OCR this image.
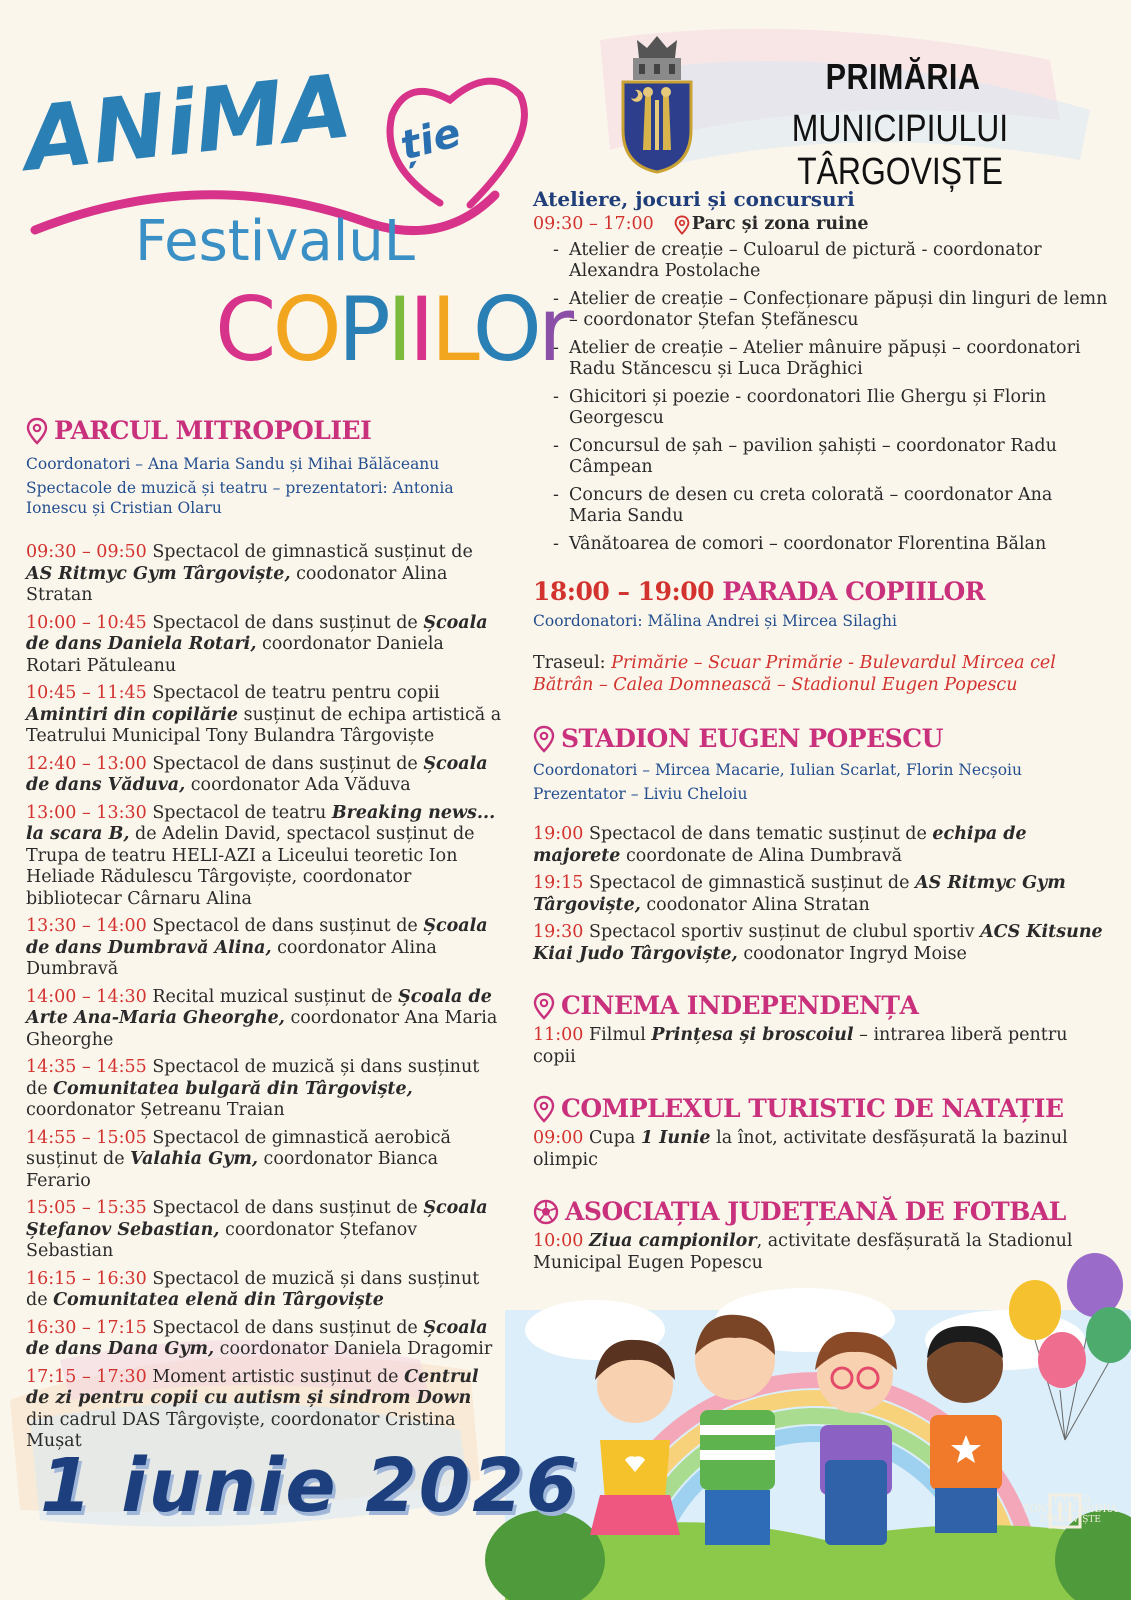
ANiMA ție
FestivaluL
COPIILOr
PRIMĂRIA
MUNICIPIULUI TÂRGOVIȘTE
PARCUL MITROPOLIEI
Coordonatori – Ana Maria Sandu și Mihai Bălăceanu
Spectacole de muzică și teatru – prezentatori: Antonia Ionescu și Cristian Olaru
09:30 – 09:50 Spectacol de gimnastică susținut de AS Ritmyc Gym Târgoviște, coodonator Alina Stratan
10:00 – 10:45 Spectacol de dans susținut de Școala de dans Daniela Rotari, coordonator Daniela Rotari Pătuleanu
10:45 – 11:45 Spectacol de teatru pentru copii Amintiri din copilărie susținut de echipa artistică a Teatrului Municipal Tony Bulandra Târgoviște
12:40 – 13:00 Spectacol de dans susținut de Școala de dans Văduva, coordonator Ada Văduva
13:00 – 13:30 Spectacol de teatru Breaking news... la scara B, de Adelin David, spectacol susținut de Trupa de teatru HELI-AZI a Liceului teoretic Ion Heliade Rădulescu Târgoviște, coordonator bibliotecar Cârnaru Alina
13:30 – 14:00 Spectacol de dans susținut de Școala de dans Dumbravă Alina, coordonator Alina Dumbravă
14:00 – 14:30 Recital muzical susținut de Școala de Arte Ana-Maria Gheorghe, coordonator Ana Maria Gheorghe
14:35 – 14:55 Spectacol de muzică și dans susținut de Comunitatea bulgară din Târgoviște, coordonator Șetreanu Traian
14:55 – 15:05 Spectacol de gimnastică aerobică susținut de Valahia Gym, coordonator Bianca Ferario
15:05 – 15:35 Spectacol de dans susținut de Școala Ștefanov Sebastian, coordonator Ștefanov Sebastian
16:15 – 16:30 Spectacol de muzică și dans susținut de Comunitatea elenă din Târgoviște
16:30 – 17:15 Spectacol de dans susținut de Școala de dans Dana Gym, coordonator Daniela Dragomir
17:15 – 17:30 Moment artistic susținut de Centrul de zi pentru copii cu autism și sindrom Down din cadrul DAS Târgoviște, coordonator Cristina Mușat
Ateliere, jocuri și concursuri
09:30 – 17:00 Parc și zona ruine
- Atelier de creație – Culoarul de pictură - coordonator Alexandra Postolache
- Atelier de creație – Confecționare păpuși din linguri de lemn – coordonator Ștefan Ștefănescu
- Atelier de creație – Atelier mânuire păpuși – coordonatori Radu Stăncescu și Luca Drăghici
- Ghicitori și poezie - coordonatori Ilie Ghergu și Florin Georgescu
- Concursul de șah – pavilion șahiști – coordonator Radu Câmpean
- Concurs de desen cu creta colorată – coordonator Ana Maria Sandu
- Vânătoarea de comori – coordonator Florentina Bălan
18:00 – 19:00 PARADA COPIILOR
Coordonatori: Mălina Andrei și Mircea Silaghi
Traseul: Primărie – Scuar Primărie - Bulevardul Mircea cel Bătrân – Calea Domnească – Stadionul Eugen Popescu
STADION EUGEN POPESCU
Coordonatori – Mircea Macarie, Iulian Scarlat, Florin Necșoiu
Prezentator – Liviu Cheloiu
19:00 Spectacol de dans tematic susținut de echipa de majorete coordonate de Alina Dumbravă
19:15 Spectacol de gimnastică susținut de AS Ritmyc Gym Târgoviște, coodonator Alina Stratan
19:30 Spectacol sportiv susținut de clubul sportiv ACS Kitsune Kiai Judo Târgoviște, coodonator Ingryd Moise
CINEMA INDEPENDENȚA
11:00 Filmul Prințesa și broscoiul – intrarea liberă pentru copii
COMPLEXUL TURISTIC DE NATAȚIE
09:00 Cupa 1 Iunie la înot, activitate desfășurată la bazinul olimpic
ASOCIAȚIA JUDEȚEANĂ DE FOTBAL
10:00 Ziua campionilor, activitate desfășurată la Stadionul Municipal Eugen Popescu
TEATRUL
TONY BULANDRA
TÂRGOVIȘTE
1 iunie 2026
